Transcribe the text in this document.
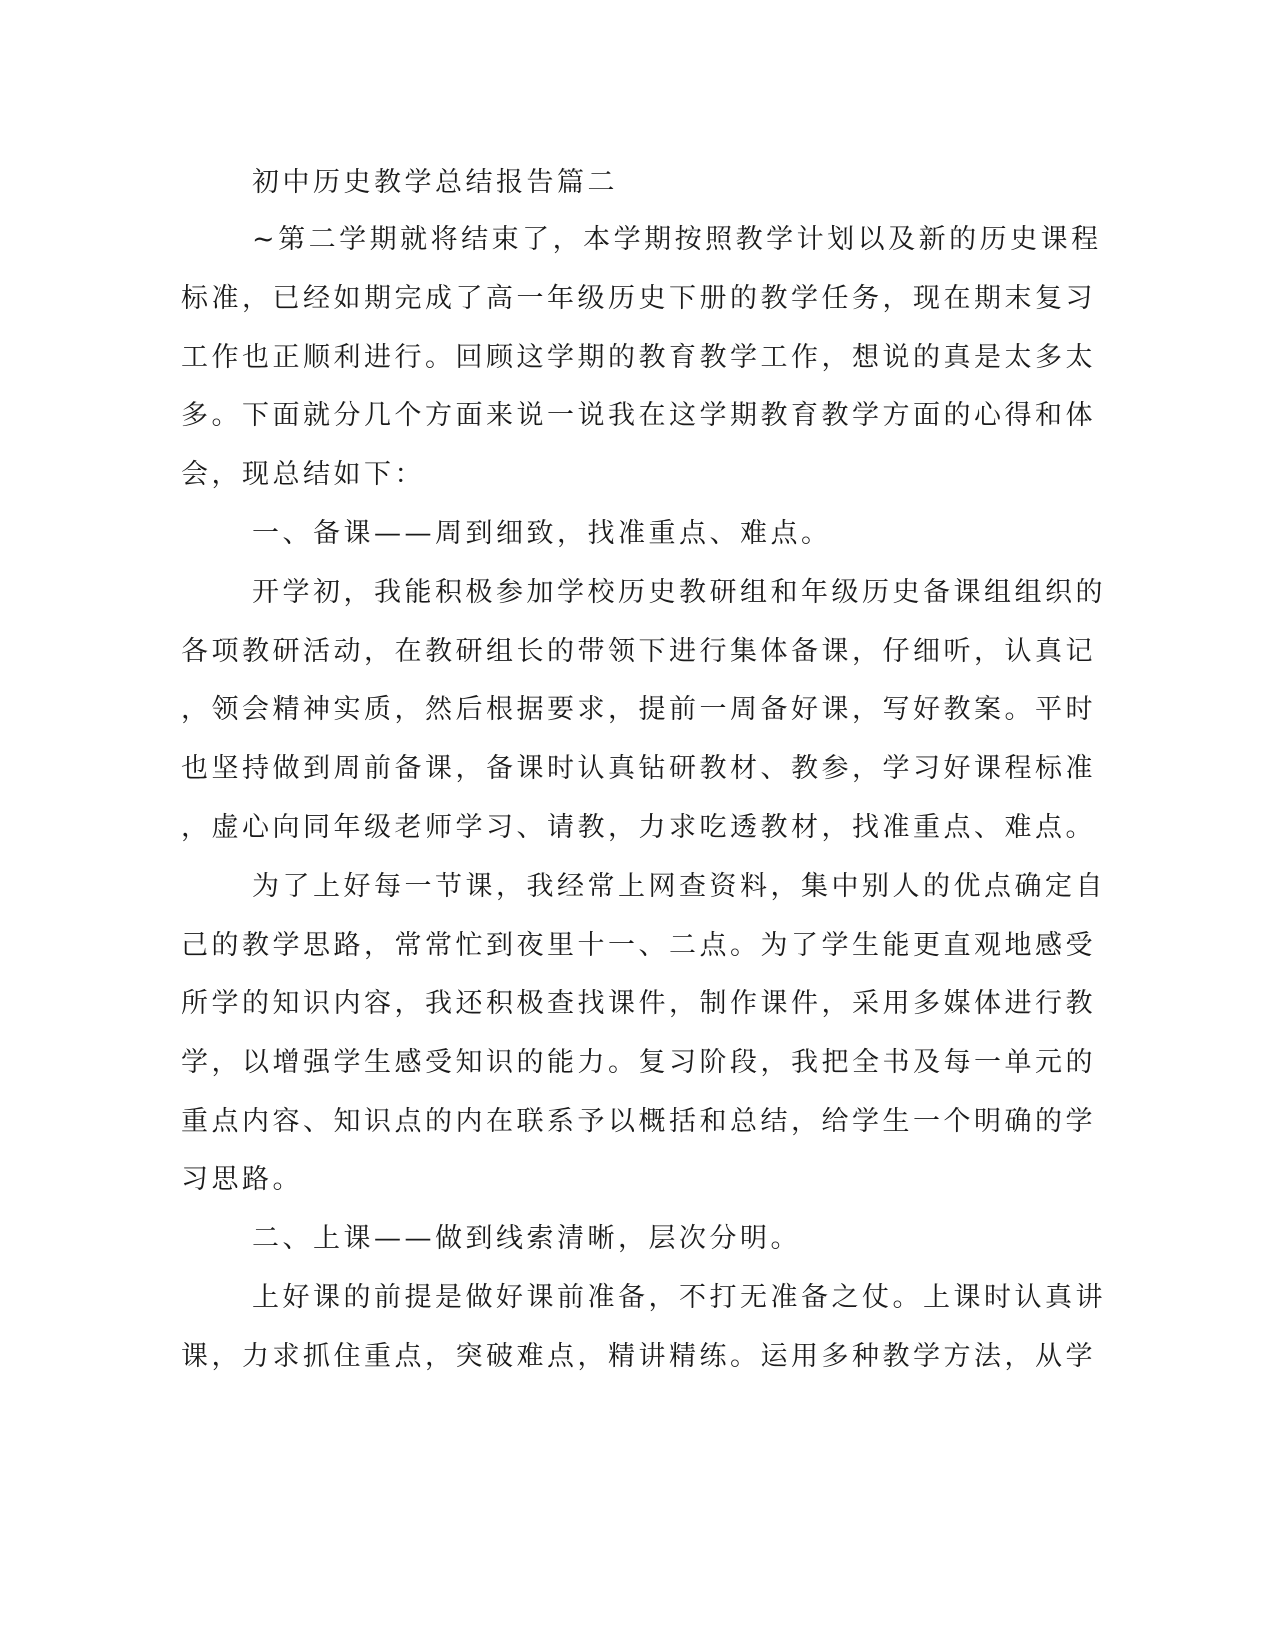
初中历史教学总结报告篇二
~第二学期就将结束了，本学期按照教学计划以及新的历史课程
标准，已经如期完成了高一年级历史下册的教学任务，现在期末复习
工作也正顺利进行。回顾这学期的教育教学工作，想说的真是太多太
多。下面就分几个方面来说一说我在这学期教育教学方面的心得和体
会，现总结如下：
一、备课——周到细致，找准重点、难点。
开学初，我能积极参加学校历史教研组和年级历史备课组组织的
各项教研活动，在教研组长的带领下进行集体备课，仔细听，认真记
，领会精神实质，然后根据要求，提前一周备好课，写好教案。平时
也坚持做到周前备课，备课时认真钻研教材、教参，学习好课程标准
，虚心向同年级老师学习、请教，力求吃透教材，找准重点、难点。
为了上好每一节课，我经常上网查资料，集中别人的优点确定自
己的教学思路，常常忙到夜里十一、二点。为了学生能更直观地感受
所学的知识内容，我还积极查找课件，制作课件，采用多媒体进行教
学，以增强学生感受知识的能力。复习阶段，我把全书及每一单元的
重点内容、知识点的内在联系予以概括和总结，给学生一个明确的学
习思路。
二、上课——做到线索清晰，层次分明。
上好课的前提是做好课前准备，不打无准备之仗。上课时认真讲
课，力求抓住重点，突破难点，精讲精练。运用多种教学方法，从学
